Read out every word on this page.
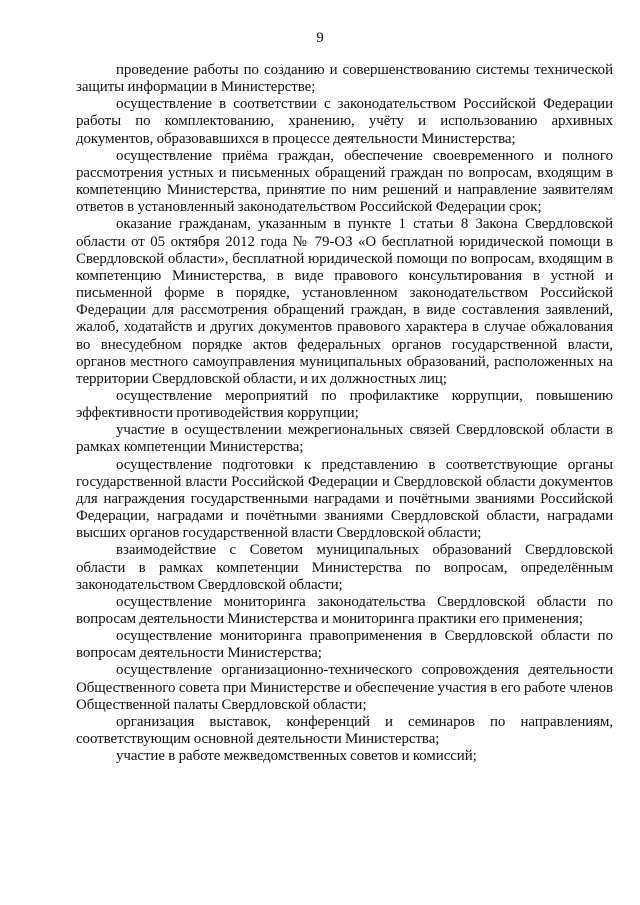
9

проведение работы по созданию и совершенствованию системы технической защиты информации в Министерстве;

осуществление в соответствии с законодательством Российской Федерации работы по комплектованию, хранению, учёту и использованию архивных документов, образовавшихся в процессе деятельности Министерства;

осуществление приёма граждан, обеспечение своевременного и полного рассмотрения устных и письменных обращений граждан по вопросам, входящим в компетенцию Министерства, принятие по ним решений и направление заявителям ответов в установленный законодательством Российской Федерации срок;

оказание гражданам, указанным в пункте 1 статьи 8 Закона Свердловской области от 05 октября 2012 года № 79-ОЗ «О бесплатной юридической помощи в Свердловской области», бесплатной юридической помощи по вопросам, входящим в компетенцию Министерства, в виде правового консультирования в устной и письменной форме в порядке, установленном законодательством Российской Федерации для рассмотрения обращений граждан, в виде составления заявлений, жалоб, ходатайств и других документов правового характера в случае обжалования во внесудебном порядке актов федеральных органов государственной власти, органов местного самоуправления муниципальных образований, расположенных на территории Свердловской области, и их должностных лиц;

осуществление мероприятий по профилактике коррупции, повышению эффективности противодействия коррупции;

участие в осуществлении межрегиональных связей Свердловской области в рамках компетенции Министерства;

осуществление подготовки к представлению в соответствующие органы государственной власти Российской Федерации и Свердловской области документов для награждения государственными наградами и почётными званиями Российской Федерации, наградами и почётными званиями Свердловской области, наградами высших органов государственной власти Свердловской области;

взаимодействие с Советом муниципальных образований Свердловской области в рамках компетенции Министерства по вопросам, определённым законодательством Свердловской области;

осуществление мониторинга законодательства Свердловской области по вопросам деятельности Министерства и мониторинга практики его применения;

осуществление мониторинга правоприменения в Свердловской области по вопросам деятельности Министерства;

осуществление организационно-технического сопровождения деятельности Общественного совета при Министерстве и обеспечение участия в его работе членов Общественной палаты Свердловской области;

организация выставок, конференций и семинаров по направлениям, соответствующим основной деятельности Министерства;

участие в работе межведомственных советов и комиссий;
